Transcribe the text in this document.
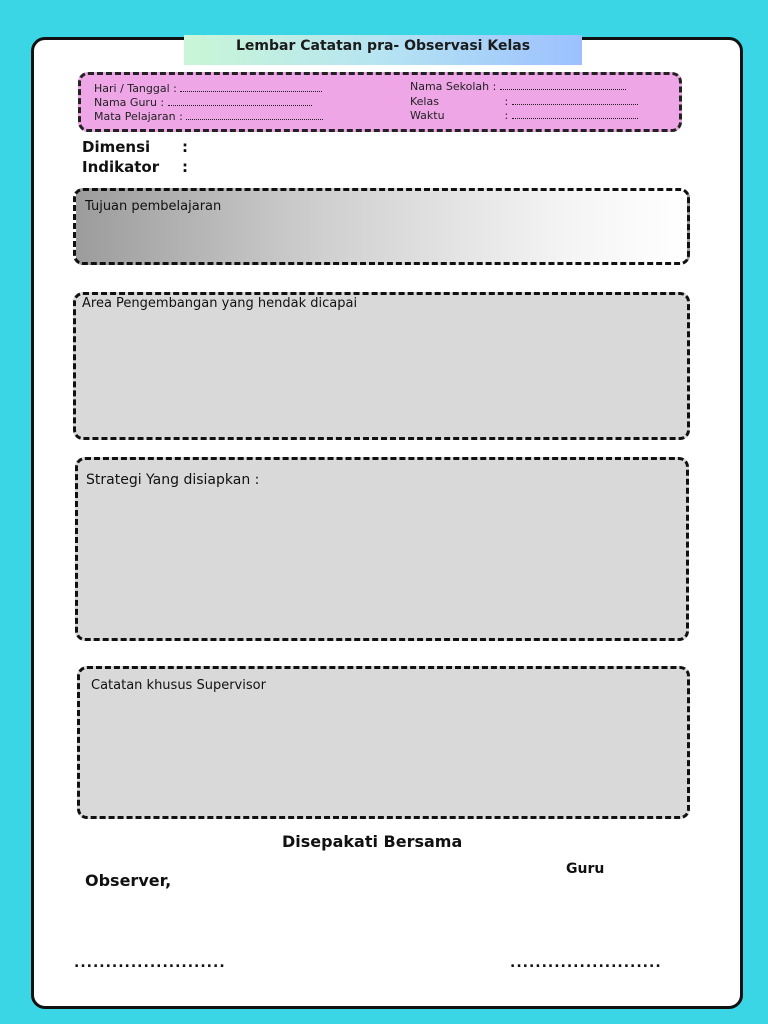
Lembar Catatan pra- Observasi Kelas
Hari / Tanggal :
Nama Guru :
Mata Pelajaran :
Nama Sekolah :
Kelas	:
Waktu	:
Dimensi :
Indikator :
Tujuan pembelajaran
Area Pengembangan yang hendak dicapai
Strategi Yang disiapkan :
Catatan khusus Supervisor
Disepakati Bersama
Observer,
Guru
........................	........................
